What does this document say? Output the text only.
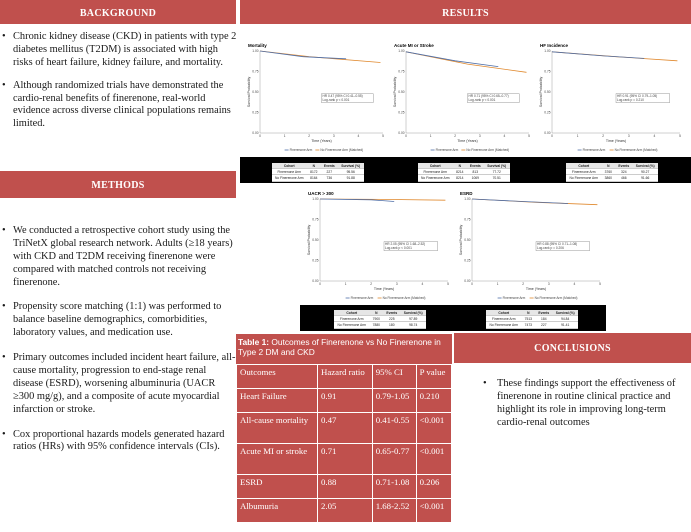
BACKGROUND
• Chronic kidney disease (CKD) in patients with type 2 diabetes mellitus (T2DM) is associated with high risks of heart failure, kidney failure, and mortality.
• Although randomized trials have demonstrated the cardio-renal benefits of finerenone, real-world evidence across diverse clinical populations remains limited.
METHODS
• We conducted a retrospective cohort study using the TriNetX global research network. Adults (≥18 years) with CKD and T2DM receiving finerenone were compared with matched controls not receiving finerenone.
• Propensity score matching (1:1) was performed to balance baseline demographics, comorbidities, laboratory values, and medication use.
• Primary outcomes included incident heart failure, all-cause mortality, progression to end-stage renal disease (ESRD), worsening albuminuria (UACR ≥300 mg/g), and a composite of acute myocardial infarction or stroke.
• Cox proportional hazards models generated hazard ratios (HRs) with 95% confidence intervals (CIs).
RESULTS
Mortality
1.00
0.75
0.50
0.25
0.00
0	1	2	3	4	5
Time (Years)
Survival Probability	HR 0.47 (95% CI 0.41–0.55)
Log-rank p < 0.001
Finerenone Arm	No Finerenone Arm (Matched)
Acute MI or Stroke
1.00
0.75
0.50
0.25
0.00
0	1	2	3	4	5
Time (Years)
Survival Probability	HR 0.71 (95% CI 0.65–0.77)
Log-rank p < 0.001
Finerenone Arm	No Finerenone Arm (Matched)
HF Incidence
1.00
0.75
0.50
0.25
0.00
0	1	2	3	4	5
Time (Years)
Survival Probability	HR 0.91 (95% CI 0.79–1.05)
Log-rank p = 0.210
Finerenone Arm	No Finerenone Arm (Matched)
UACR > 300
1.00
0.75
0.50
0.25
0.00
0	1	2	3	4	5
Time (Years)
Survival Probability	HR 2.05 (95% CI 1.68–2.52)
Log-rank p < 0.001
Finerenone Arm	No Finerenone Arm (Matched)
ESRD
1.00
0.75
0.50
0.25
0.00
0	1	2	3	4	5
Time (Years)
Survival Probability	HR 0.88 (95% CI 0.71–1.08)
Log-rank p = 0.206
Finerenone Arm	No Finerenone Arm (Matched)
Cohort	N	Events	Survival (%)
Finerenone Arm	8172	227	95.56
No Finerenone Arm	8164	736	91.88
Cohort	N	Events	Survival (%)
Finerenone Arm	8214	813	77.72
No Finerenone Arm	8214	1069	70.51
Cohort	N	Events	Survival (%)
Finerenone Arm	3760	324	90.27
No Finerenone Arm	3860	466	91.66
Cohort	N	Events	Survival (%)
Finerenone Arm	7900	225	97.89
No Finerenone Arm	7880	180	98.74
Cohort	N	Events	Survival (%)
Finerenone Arm	7513	184	94.84
No Finerenone Arm	7473	227	91.41
Table 1: Outcomes of Finerenone vs No Finerenone in Type 2 DM and CKD
Outcomes	Hazard ratio	95% CI	P value
Heart Failure	0.91	0.79-1.05	0.210
All-cause mortality	0.47	0.41-0.55	<0.001
Acute MI or stroke	0.71	0.65-0.77	<0.001
ESRD	0.88	0.71-1.08	0.206
Albumuria	2.05	1.68-2.52	<0.001
CONCLUSIONS
• These findings support the effectiveness of finerenone in routine clinical practice and highlight its role in improving long-term cardio-renal outcomes
